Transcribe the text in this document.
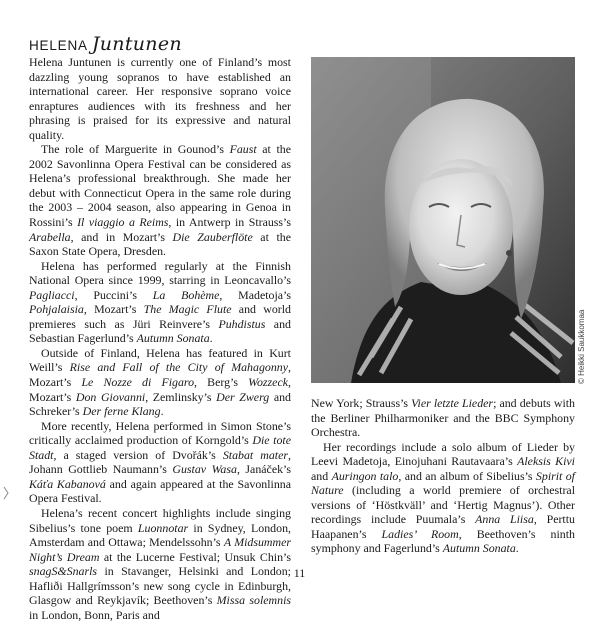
HELENA Juntunen

Helena Juntunen is currently one of Finland’s most dazzling young sopranos to have established an international career. Her responsive soprano voice enraptures audiences with its freshness and her phrasing is praised for its expressive and natural quality.

The role of Marguerite in Gounod’s Faust at the 2002 Savonlinna Opera Festival can be considered as Helena’s professional breakthrough. She made her debut with Connecticut Opera in the same role during the 2003 – 2004 season, also appearing in Genoa in Rossini’s Il viaggio a Reims, in Antwerp in Strauss’s Arabella, and in Mozart’s Die Zauberflöte at the Saxon State Opera, Dresden.

Helena has performed regularly at the Finnish National Opera since 1999, starring in Leoncavallo’s Pagliacci, Puccini’s La Bohème, Madetoja’s Pohjalaisia, Mozart’s The Magic Flute and world premieres such as Jüri Reinvere’s Puhdistus and Sebastian Fagerlund’s Autumn Sonata.

Outside of Finland, Helena has featured in Kurt Weill’s Rise and Fall of the City of Mahagonny, Mozart’s Le Nozze di Figaro, Berg’s Wozzeck, Mozart’s Don Giovanni, Zemlinsky’s Der Zwerg and Schreker’s Der ferne Klang.

More recently, Helena performed in Simon Stone’s critically acclaimed production of Korngold’s Die tote Stadt, a staged version of Dvořák’s Stabat mater, Johann Gottlieb Naumann’s Gustav Wasa, Janáček’s Káťa Kabanová and again appeared at the Savonlinna Opera Festival.

Helena’s recent concert highlights include singing Sibelius’s tone poem Luonnotar in Sydney, London, Amsterdam and Ottawa; Mendelssohn’s A Midsummer Night’s Dream at the Lucerne Festival; Unsuk Chin’s snagS&Snarls in Stavanger, Helsinki and London; Hafliði Hallgrímsson’s new song cycle in Edinburgh, Glasgow and Reykjavík; Beethoven’s Missa solemnis in London, Bonn, Paris and

© Heikki Saukkomaa

New York; Strauss’s Vier letzte Lieder; and debuts with the Berliner Philharmoniker and the BBC Symphony Orchestra.

Her recordings include a solo album of Lieder by Leevi Madetoja, Einojuhani Rautavaara’s Aleksis Kivi and Auringon talo, and an album of Sibelius’s Spirit of Nature (including a world premiere of orchestral versions of ‘Höstkväll’ and ‘Hertig Magnus’). Other recordings include Puumala’s Anna Liisa, Perttu Haapanen’s Ladies’ Room, Beethoven’s ninth symphony and Fagerlund’s Autumn Sonata.

11
